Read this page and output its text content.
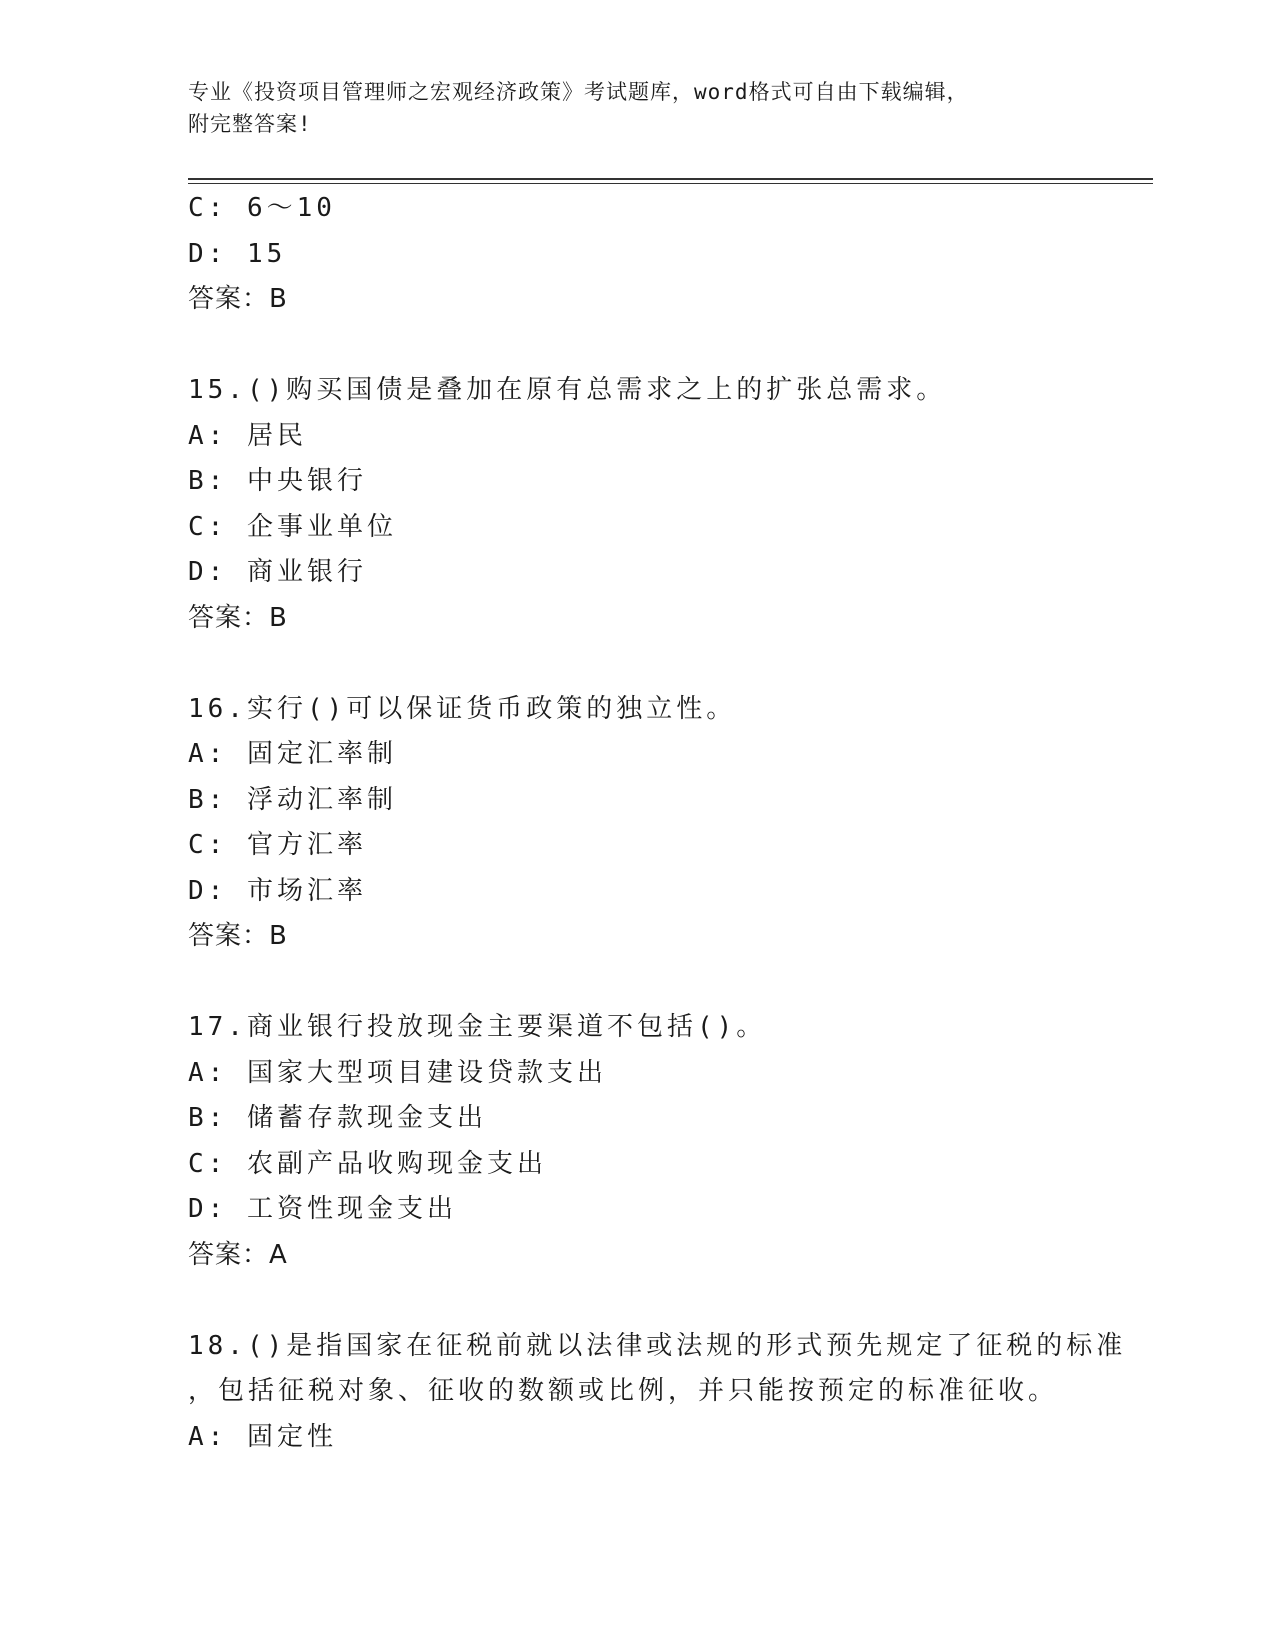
专业《投资项目管理师之宏观经济政策》考试题库，word格式可自由下载编辑，
附完整答案!
C: 6～10
D: 15
答案：B
15.()购买国债是叠加在原有总需求之上的扩张总需求。
A: 居民
B: 中央银行
C: 企事业单位
D: 商业银行
答案：B
16.实行()可以保证货币政策的独立性。
A: 固定汇率制
B: 浮动汇率制
C: 官方汇率
D: 市场汇率
答案：B
17.商业银行投放现金主要渠道不包括()。
A: 国家大型项目建设贷款支出
B: 储蓄存款现金支出
C: 农副产品收购现金支出
D: 工资性现金支出
答案：A
18.()是指国家在征税前就以法律或法规的形式预先规定了征税的标准
，包括征税对象、征收的数额或比例，并只能按预定的标准征收。
A: 固定性
